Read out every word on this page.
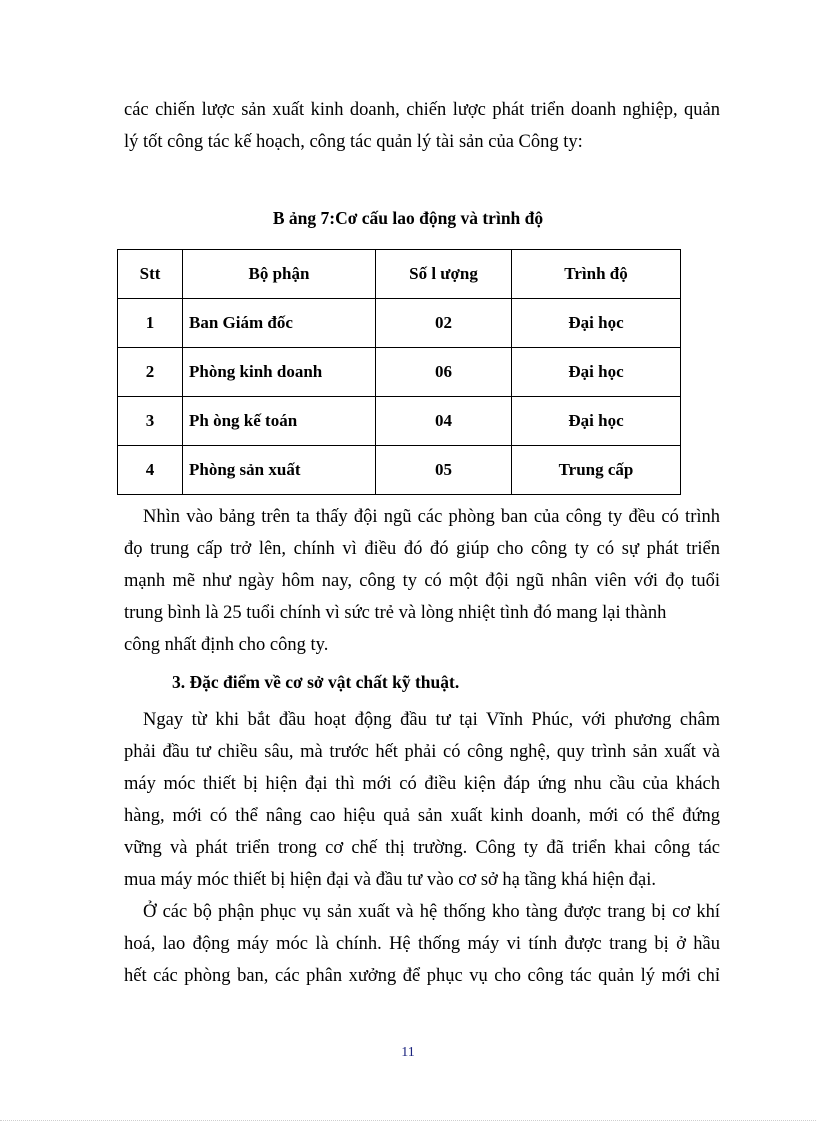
các chiến lược sản xuất kinh doanh, chiến lược phát triển doanh nghiệp, quản
lý tốt công tác kế hoạch, công tác quản lý tài sản của Công ty:
B ảng 7:Cơ cấu lao động và trình độ
Stt	Bộ phận	Số l ượng	Trình độ
1	Ban Giám đốc	02	Đại học
2	Phòng kinh doanh	06	Đại học
3	Ph òng kế toán	04	Đại học
4	Phòng sản xuất	05	Trung cấp
Nhìn vào bảng trên ta thấy đội ngũ các phòng ban của công ty đều có trình
đọ trung cấp trở lên, chính vì điều đó đó giúp cho công ty có sự phát triển
mạnh mẽ như ngày hôm nay, công ty có một đội ngũ nhân viên với đọ tuổi
trung bình là 25 tuổi chính vì sức trẻ và lòng nhiệt tình đó mang lại thành
công nhất định cho công ty.
3. Đặc điểm về cơ sở vật chất kỹ thuật.
Ngay từ khi bắt đầu hoạt động đầu tư tại Vĩnh Phúc, với phương châm
phải đầu tư chiều sâu, mà trước hết phải có công nghệ, quy trình sản xuất và
máy móc thiết bị hiện đại thì mới có điều kiện đáp ứng nhu cầu của khách
hàng, mới có thể nâng cao hiệu quả sản xuất kinh doanh, mới có thể đứng
vững và phát triển trong cơ chế thị trường. Công ty đã triển khai công tác
mua máy móc thiết bị hiện đại và đầu tư vào cơ sở hạ tầng khá hiện đại.
Ở các bộ phận phục vụ sản xuất và hệ thống kho tàng được trang bị cơ khí
hoá, lao động máy móc là chính. Hệ thống máy vi tính được trang bị ở hầu
hết các phòng ban, các phân xưởng để phục vụ cho công tác quản lý mới chỉ
11
